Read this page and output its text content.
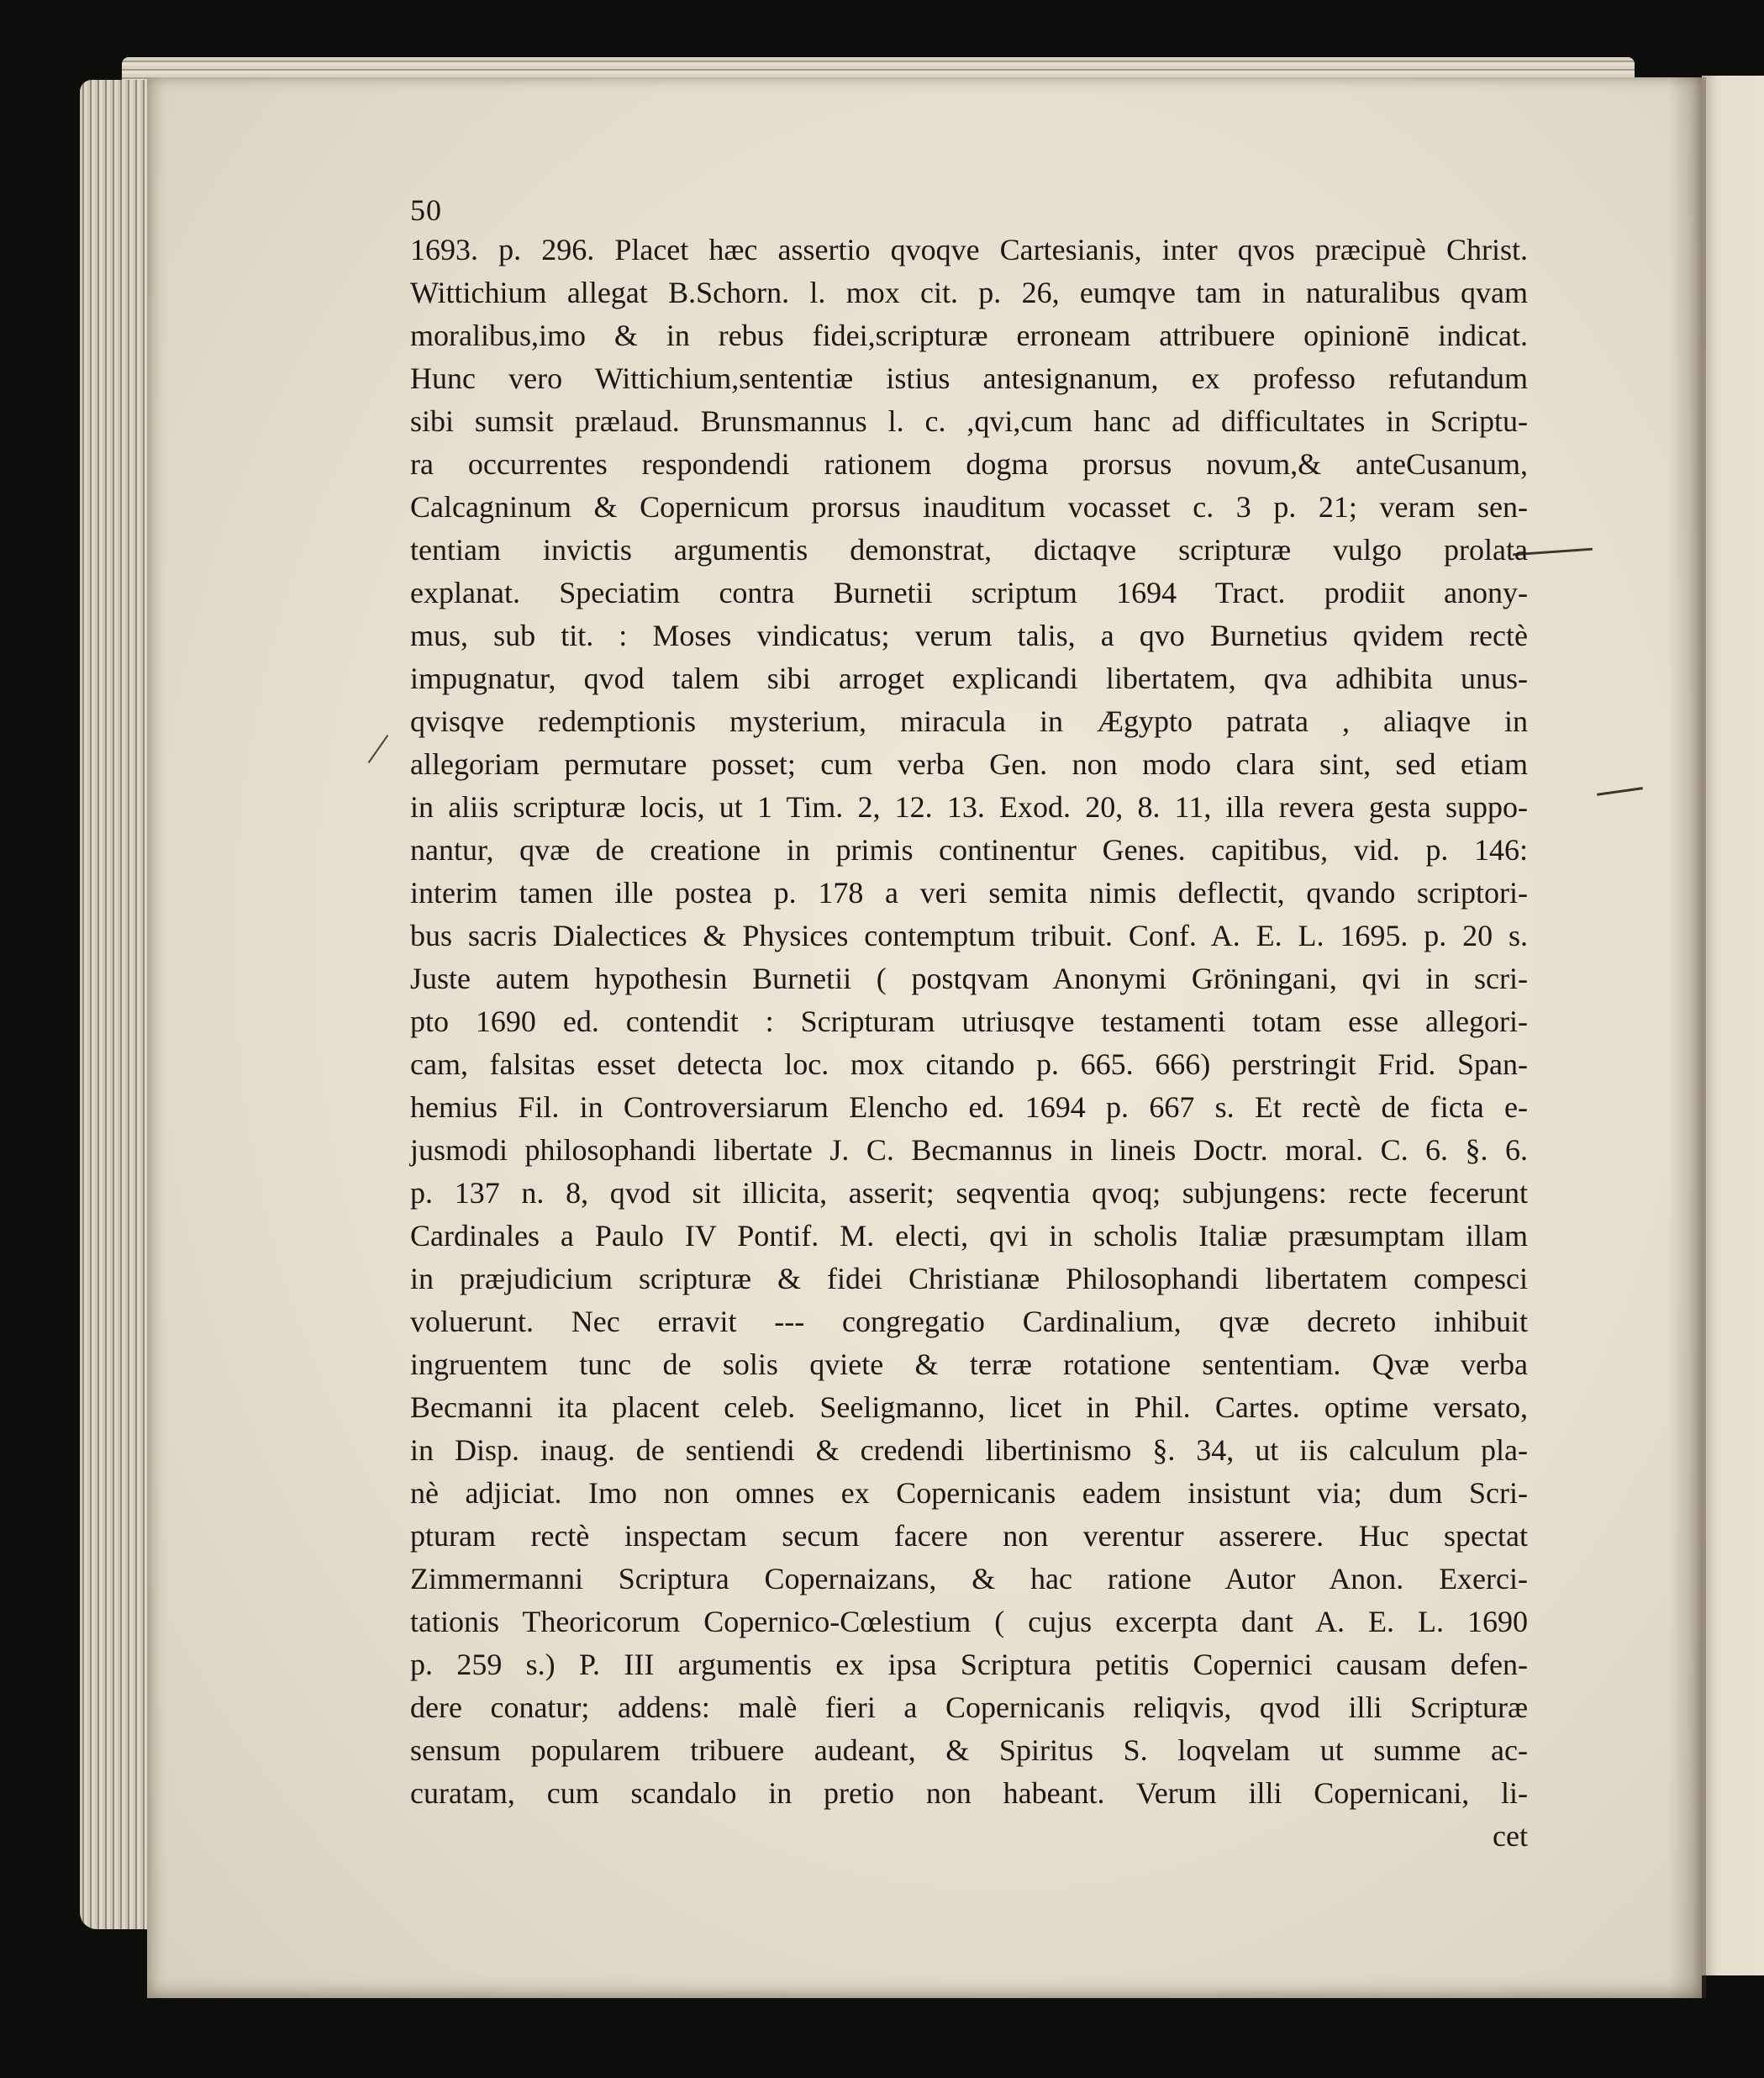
50
1693. p. 296. Placet hæc assertio qvoqve Cartesianis, inter qvos præcipuè Christ.
Wittichium allegat B.Schorn. l. mox cit. p. 26, eumqve tam in naturalibus qvam
moralibus,imo & in rebus fidei,scripturæ erroneam attribuere opinionē indicat.
Hunc vero Wittichium,sententiæ istius antesignanum, ex professo refutandum
sibi sumsit prælaud. Brunsmannus l. c. ,qvi,cum hanc ad difficultates in Scriptu-
ra occurrentes respondendi rationem dogma prorsus novum,& anteCusanum,
Calcagninum & Copernicum prorsus inauditum vocasset c. 3 p. 21; veram sen-
tentiam invictis argumentis demonstrat, dictaqve scripturæ vulgo prolata
explanat. Speciatim contra Burnetii scriptum 1694 Tract. prodiit anony-
mus, sub tit. : Moses vindicatus; verum talis, a qvo Burnetius qvidem rectè
impugnatur, qvod talem sibi arroget explicandi libertatem, qva adhibita unus-
qvisqve redemptionis mysterium, miracula in Ægypto patrata , aliaqve in
allegoriam permutare posset; cum verba Gen. non modo clara sint, sed etiam
in aliis scripturæ locis, ut 1 Tim. 2, 12. 13. Exod. 20, 8. 11, illa revera gesta suppo-
nantur, qvæ de creatione in primis continentur Genes. capitibus, vid. p. 146:
interim tamen ille postea p. 178 a veri semita nimis deflectit, qvando scriptori-
bus sacris Dialectices & Physices contemptum tribuit. Conf. A. E. L. 1695. p. 20 s.
Juste autem hypothesin Burnetii ( postqvam Anonymi Gröningani, qvi in scri-
pto 1690 ed. contendit : Scripturam utriusqve testamenti totam esse allegori-
cam, falsitas esset detecta loc. mox citando p. 665. 666) perstringit Frid. Span-
hemius Fil. in Controversiarum Elencho ed. 1694 p. 667 s. Et rectè de ficta e-
jusmodi philosophandi libertate J. C. Becmannus in lineis Doctr. moral. C. 6. §. 6.
p. 137 n. 8, qvod sit illicita, asserit; seqventia qvoq; subjungens: recte fecerunt
Cardinales a Paulo IV Pontif. M. electi, qvi in scholis Italiæ præsumptam illam
in præjudicium scripturæ & fidei Christianæ Philosophandi libertatem compesci
voluerunt. Nec erravit --- congregatio Cardinalium, qvæ decreto inhibuit
ingruentem tunc de solis qviete & terræ rotatione sententiam. Qvæ verba
Becmanni ita placent celeb. Seeligmanno, licet in Phil. Cartes. optime versato,
in Disp. inaug. de sentiendi & credendi libertinismo §. 34, ut iis calculum pla-
nè adjiciat. Imo non omnes ex Copernicanis eadem insistunt via; dum Scri-
pturam rectè inspectam secum facere non verentur asserere. Huc spectat
Zimmermanni Scriptura Copernaizans, & hac ratione Autor Anon. Exerci-
tationis Theoricorum Copernico-Cœlestium ( cujus excerpta dant A. E. L. 1690
p. 259 s.) P. III argumentis ex ipsa Scriptura petitis Copernici causam defen-
dere conatur; addens: malè fieri a Copernicanis reliqvis, qvod illi Scripturæ
sensum popularem tribuere audeant, & Spiritus S. loqvelam ut summe ac-
curatam, cum scandalo in pretio non habeant. Verum illi Copernicani, li-
cet
